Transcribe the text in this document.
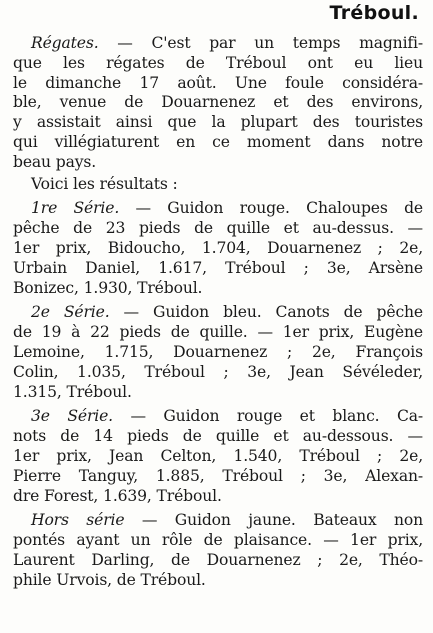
Tréboul.
Régates. — C'est par un temps magnifi-
que les régates de Tréboul ont eu lieu
le dimanche 17 août. Une foule considéra-
ble, venue de Douarnenez et des environs,
y assistait ainsi que la plupart des touristes
qui villégiaturent en ce moment dans notre
beau pays.
Voici les résultats :
1re Série. — Guidon rouge. Chaloupes de
pêche de 23 pieds de quille et au-dessus. —
1er prix, Bidoucho, 1.704, Douarnenez ; 2e,
Urbain Daniel, 1.617, Tréboul ; 3e, Arsène
Bonizec, 1.930, Tréboul.
2e Série. — Guidon bleu. Canots de pêche
de 19 à 22 pieds de quille. — 1er prix, Eugène
Lemoine, 1.715, Douarnenez ; 2e, François
Colin, 1.035, Tréboul ; 3e, Jean Sévéleder,
1.315, Tréboul.
3e Série. — Guidon rouge et blanc. Ca-
nots de 14 pieds de quille et au-dessous. —
1er prix, Jean Celton, 1.540, Tréboul ; 2e,
Pierre Tanguy, 1.885, Tréboul ; 3e, Alexan-
dre Forest, 1.639, Tréboul.
Hors série — Guidon jaune. Bateaux non
pontés ayant un rôle de plaisance. — 1er prix,
Laurent Darling, de Douarnenez ; 2e, Théo-
phile Urvois, de Tréboul.
